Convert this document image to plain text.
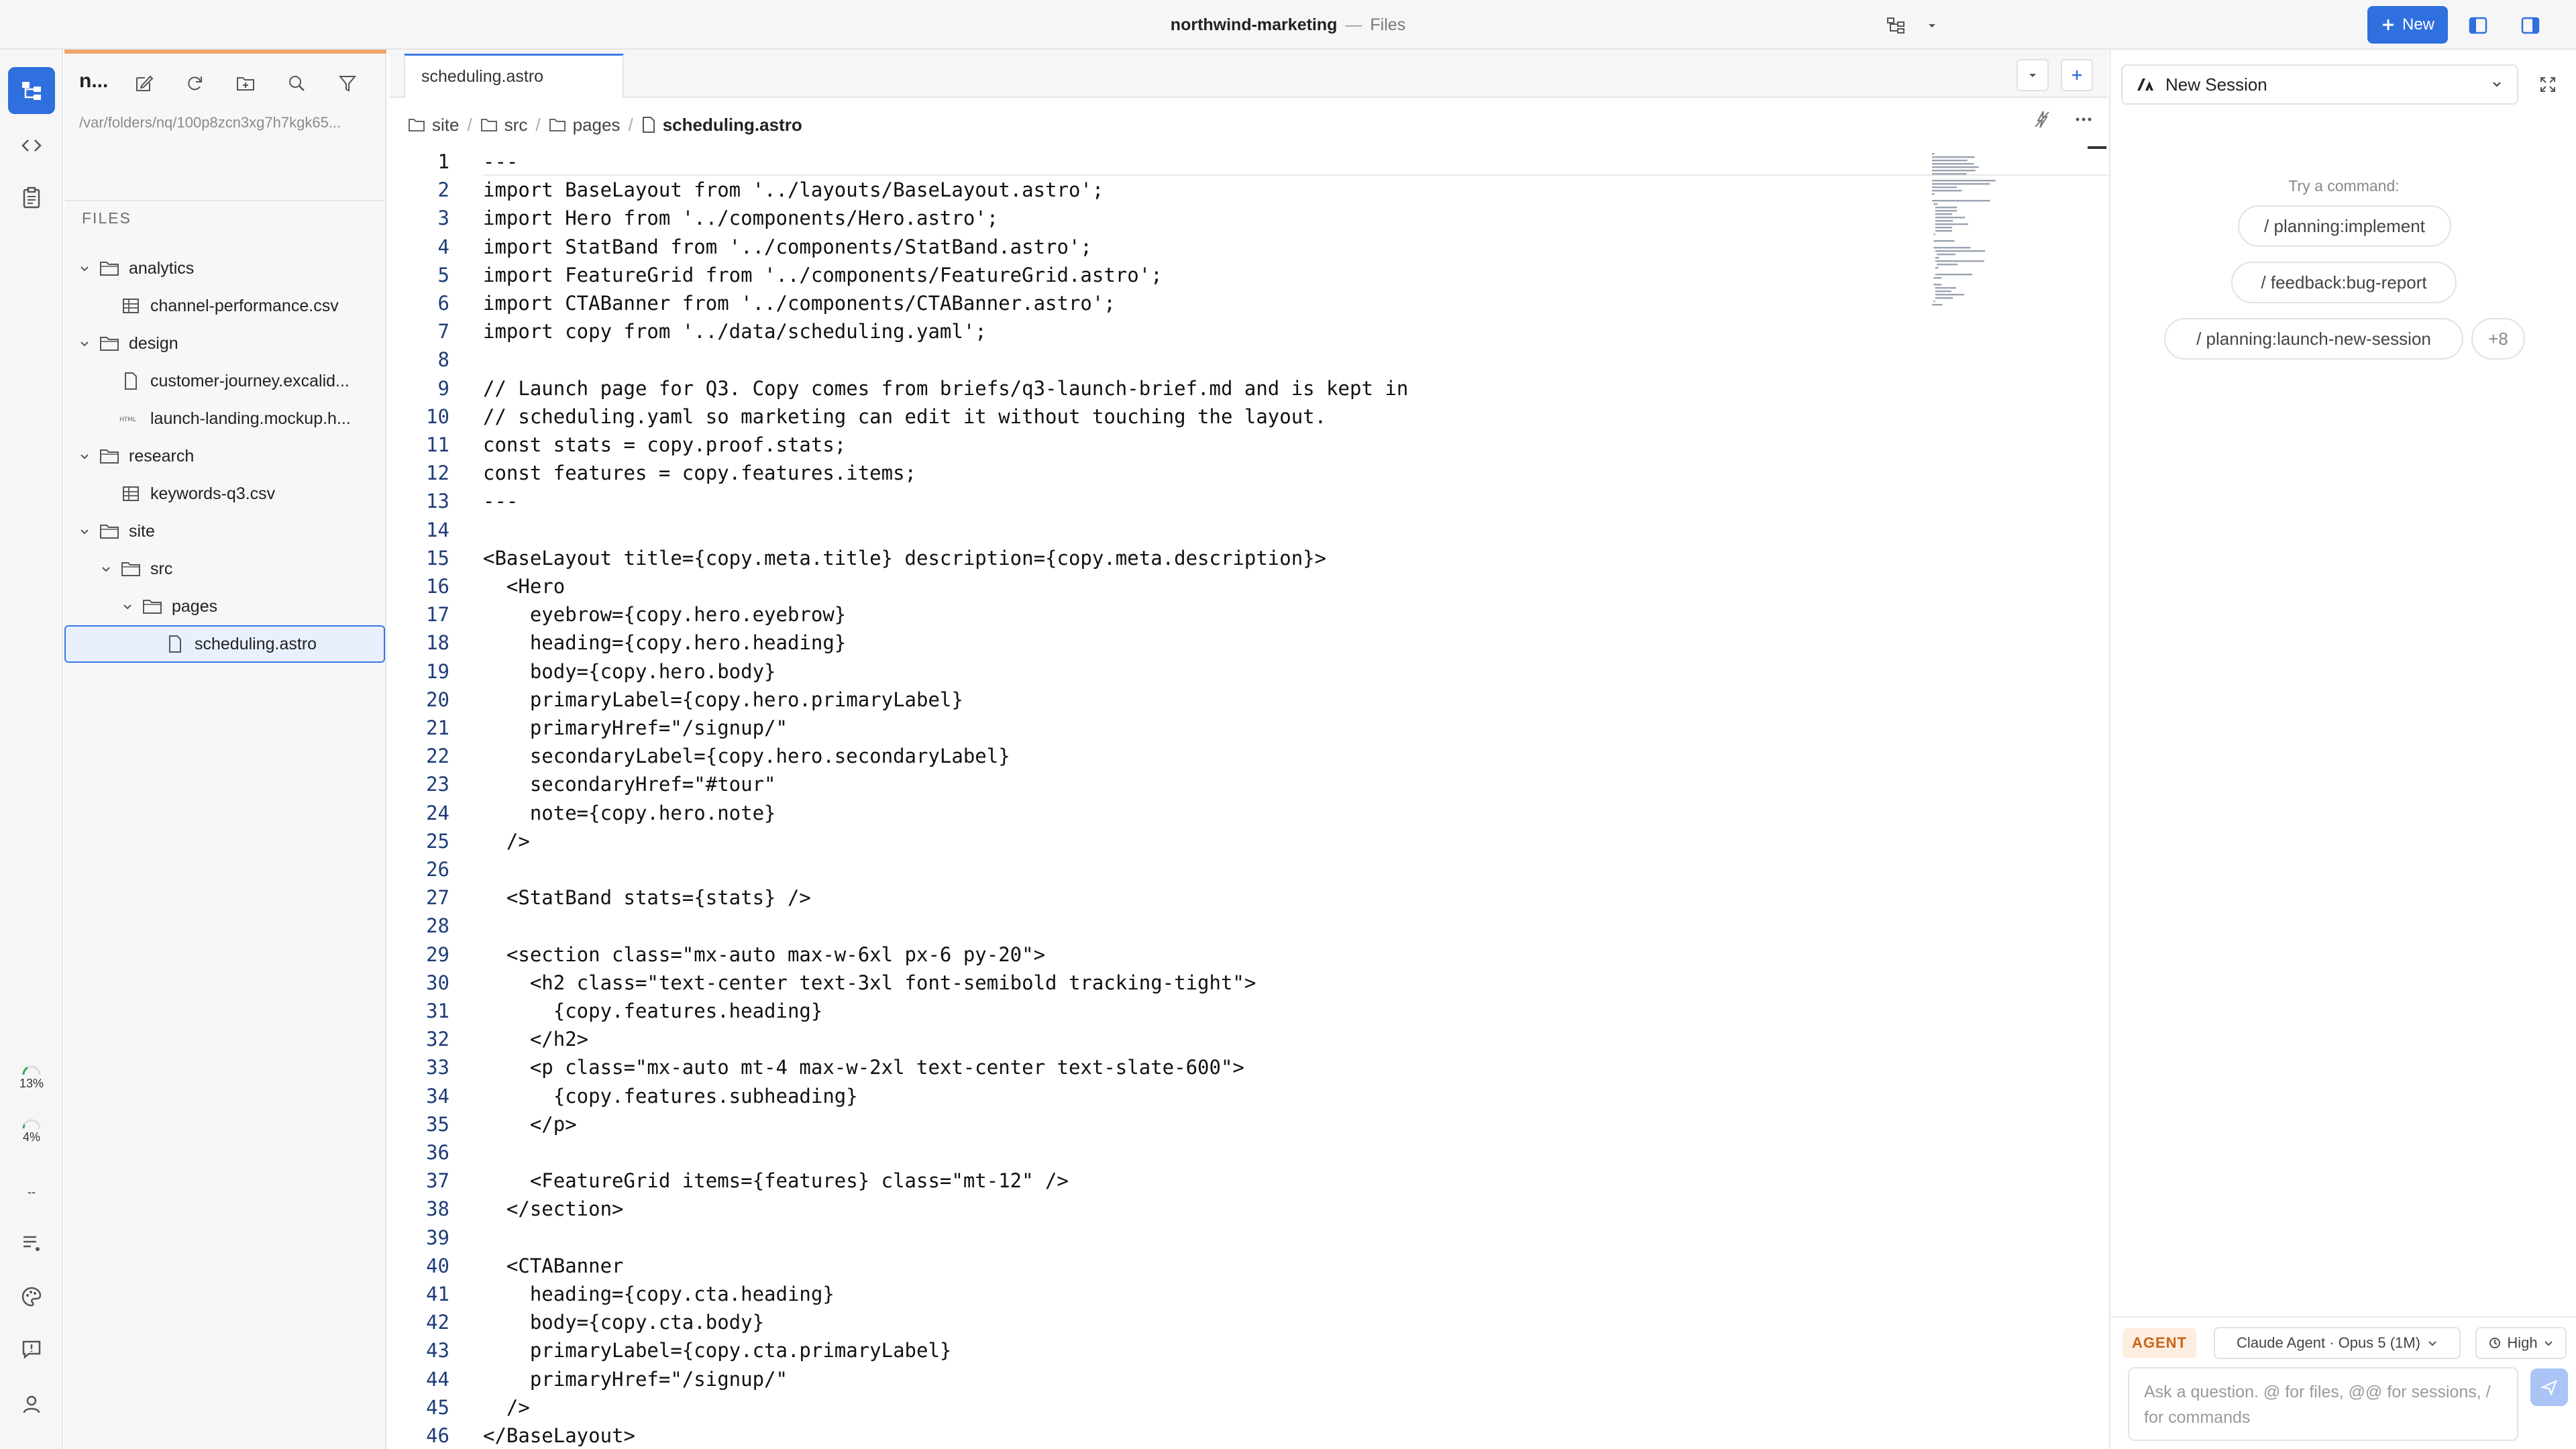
northwind-marketing — Files	New
13%
4%
--
n...
/var/folders/nq/100p8zcn3xg7h7kgk65...
FILES
analytics
channel-performance.csv
design
customer-journey.excalid...
HTML launch-landing.mockup.h...
research
keywords-q3.csv
site
src
pages
scheduling.astro
scheduling.astro
site / src / pages / scheduling.astro
1 ---
2 import BaseLayout from '../layouts/BaseLayout.astro';
3 import Hero from '../components/Hero.astro';
4 import StatBand from '../components/StatBand.astro';
5 import FeatureGrid from '../components/FeatureGrid.astro';
6 import CTABanner from '../components/CTABanner.astro';
7 import copy from '../data/scheduling.yaml';
8
9 // Launch page for Q3. Copy comes from briefs/q3-launch-brief.md and is kept in
10 // scheduling.yaml so marketing can edit it without touching the layout.
11 const stats = copy.proof.stats;
12 const features = copy.features.items;
13 ---
14
15 <BaseLayout title={copy.meta.title} description={copy.meta.description}>
16 <Hero
17 eyebrow={copy.hero.eyebrow}
18 heading={copy.hero.heading}
19 body={copy.hero.body}
20 primaryLabel={copy.hero.primaryLabel}
21 primaryHref="/signup/"
22 secondaryLabel={copy.hero.secondaryLabel}
23 secondaryHref="#tour"
24 note={copy.hero.note}
25 />
26
27 <StatBand stats={stats} />
28
29 <section class="mx-auto max-w-6xl px-6 py-20">
30 <h2 class="text-center text-3xl font-semibold tracking-tight">
31 {copy.features.heading}
32 </h2>
33 <p class="mx-auto mt-4 max-w-2xl text-center text-slate-600">
34 {copy.features.subheading}
35 </p>
36
37 <FeatureGrid items={features} class="mt-12" />
38 </section>
39
40 <CTABanner
41 heading={copy.cta.heading}
42 body={copy.cta.body}
43 primaryLabel={copy.cta.primaryLabel}
44 primaryHref="/signup/"
45 />
46 </BaseLayout>
New Session
Try a command:
/ planning:implement
/ feedback:bug-report
/ planning:launch-new-session	+8
AGENT	Claude Agent · Opus 5 (1M)	High
Ask a question. @ for files, @@ for sessions, / for commands
